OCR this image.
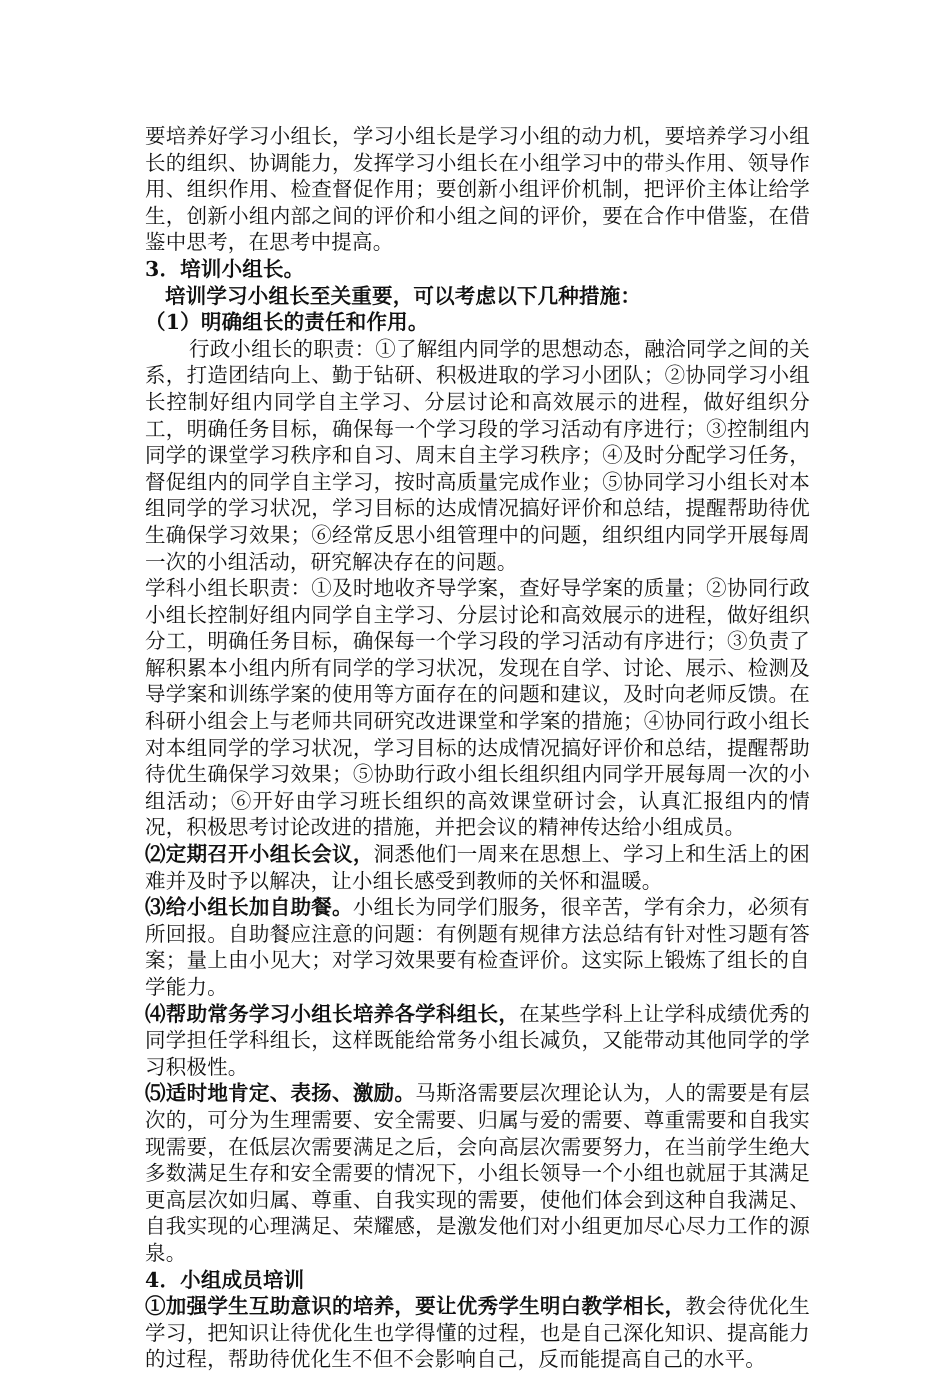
要培养好学习小组长，学习小组长是学习小组的动力机，要培养学习小组长的组织、协调能力，发挥学习小组长在小组学习中的带头作用、领导作用、组织作用、检查督促作用；要创新小组评价机制，把评价主体让给学生，创新小组内部之间的评价和小组之间的评价，要在合作中借鉴，在借鉴中思考，在思考中提高。

3．培训小组长。

培训学习小组长至关重要，可以考虑以下几种措施：

（1）明确组长的责任和作用。

行政小组长的职责：①了解组内同学的思想动态，融洽同学之间的关系，打造团结向上、勤于钻研、积极进取的学习小团队；②协同学习小组长控制好组内同学自主学习、分层讨论和高效展示的进程，做好组织分工，明确任务目标，确保每一个学习段的学习活动有序进行；③控制组内同学的课堂学习秩序和自习、周末自主学习秩序；④及时分配学习任务，督促组内的同学自主学习，按时高质量完成作业；⑤协同学习小组长对本组同学的学习状况，学习目标的达成情况搞好评价和总结，提醒帮助待优生确保学习效果；⑥经常反思小组管理中的问题，组织组内同学开展每周一次的小组活动，研究解决存在的问题。

学科小组长职责：①及时地收齐导学案，查好导学案的质量；②协同行政小组长控制好组内同学自主学习、分层讨论和高效展示的进程，做好组织分工，明确任务目标，确保每一个学习段的学习活动有序进行；③负责了解积累本小组内所有同学的学习状况，发现在自学、讨论、展示、检测及导学案和训练学案的使用等方面存在的问题和建议，及时向老师反馈。在科研小组会上与老师共同研究改进课堂和学案的措施；④协同行政小组长对本组同学的学习状况，学习目标的达成情况搞好评价和总结，提醒帮助待优生确保学习效果；⑤协助行政小组长组织组内同学开展每周一次的小组活动；⑥开好由学习班长组织的高效课堂研讨会，认真汇报组内的情况，积极思考讨论改进的措施，并把会议的精神传达给小组成员。

⑵定期召开小组长会议，洞悉他们一周来在思想上、学习上和生活上的困难并及时予以解决，让小组长感受到教师的关怀和温暖。

⑶给小组长加自助餐。小组长为同学们服务，很辛苦，学有余力，必须有所回报。自助餐应注意的问题：有例题有规律方法总结有针对性习题有答案；量上由小见大；对学习效果要有检查评价。这实际上锻炼了组长的自学能力。

⑷帮助常务学习小组长培养各学科组长，在某些学科上让学科成绩优秀的同学担任学科组长，这样既能给常务小组长减负，又能带动其他同学的学习积极性。

⑸适时地肯定、表扬、激励。马斯洛需要层次理论认为，人的需要是有层次的，可分为生理需要、安全需要、归属与爱的需要、尊重需要和自我实现需要，在低层次需要满足之后，会向高层次需要努力，在当前学生绝大多数满足生存和安全需要的情况下，小组长领导一个小组也就屈于其满足更高层次如归属、尊重、自我实现的需要，使他们体会到这种自我满足、自我实现的心理满足、荣耀感，是激发他们对小组更加尽心尽力工作的源泉。

4．小组成员培训

①加强学生互助意识的培养，要让优秀学生明白教学相长，教会待优化生学习，把知识让待优化生也学得懂的过程，也是自己深化知识、提高能力的过程，帮助待优化生不但不会影响自己，反而能提高自己的水平。
